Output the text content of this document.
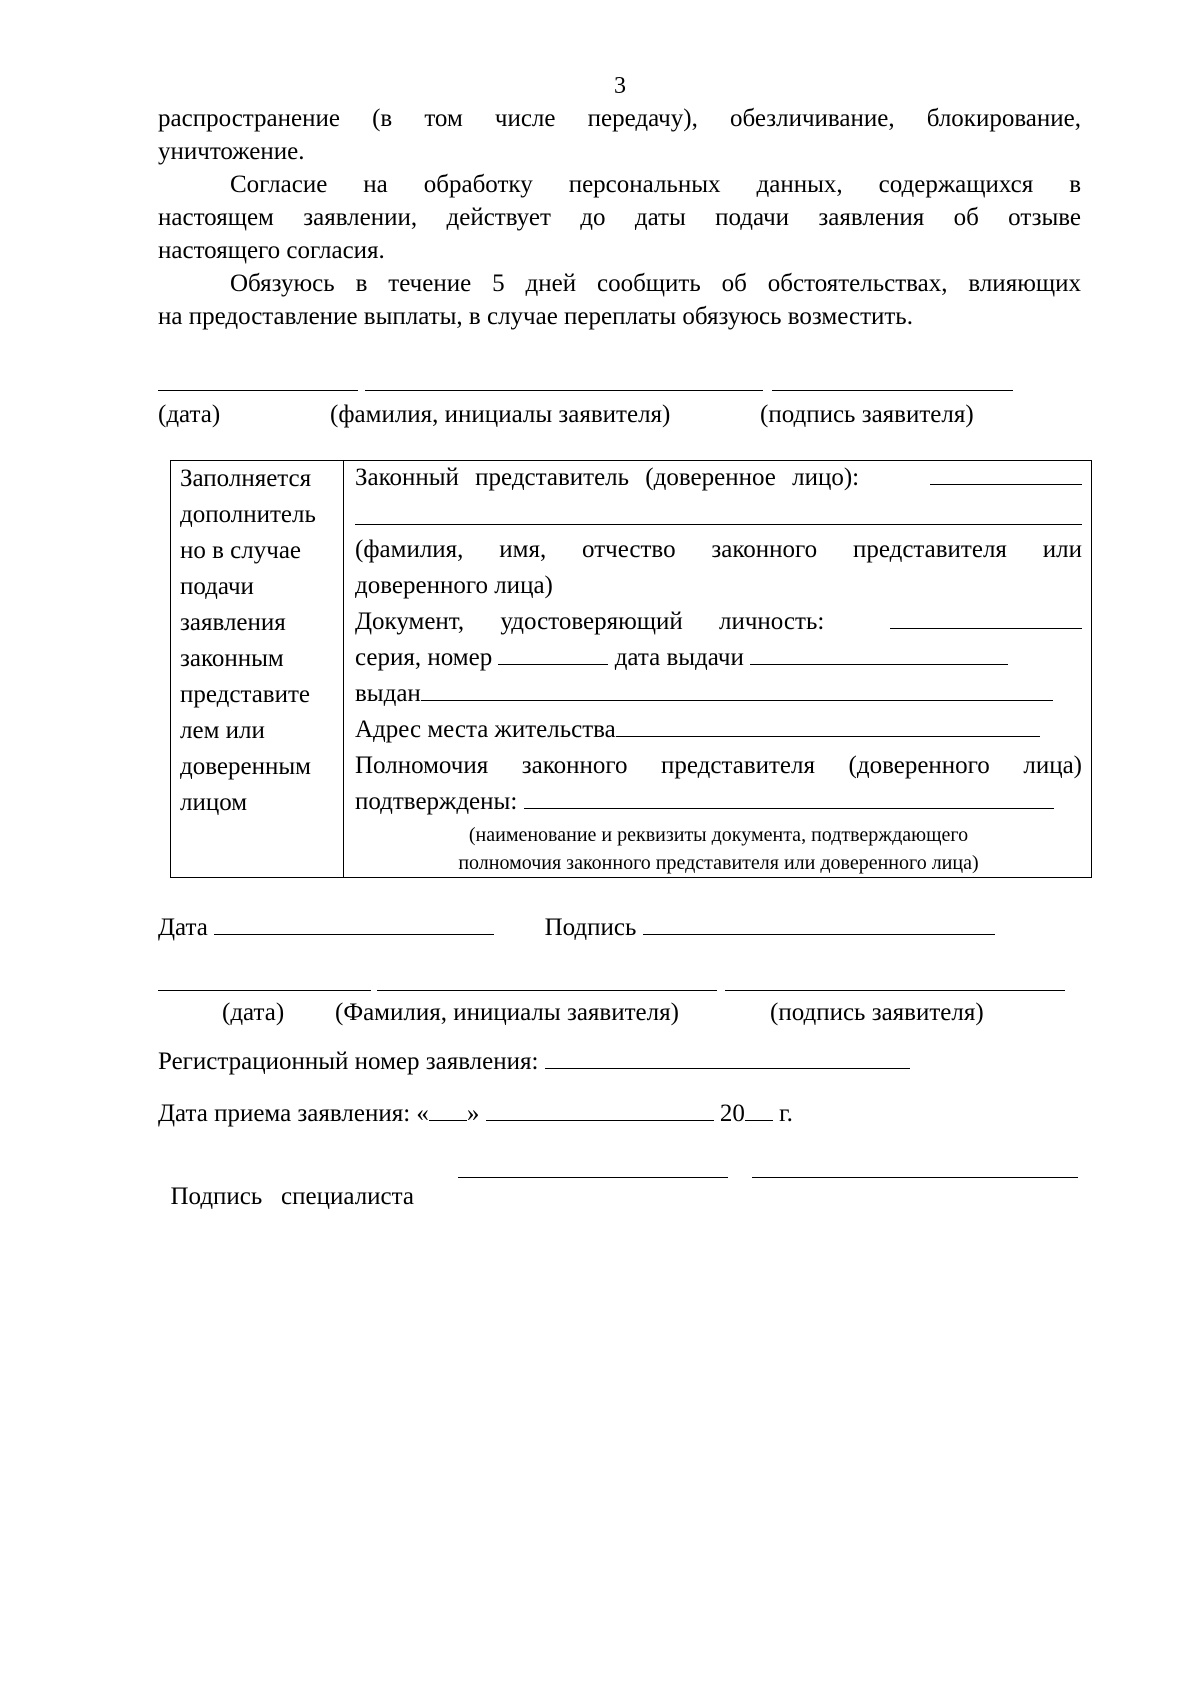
3
распространение (в том числе передачу), обезличивание, блокирование,
уничтожение.
Согласие на обработку персональных данных, содержащихся в
настоящем заявлении, действует до даты подачи заявления об отзыве
настоящего согласия.
Обязуюсь в течение 5 дней сообщить об обстоятельствах, влияющих
на предоставление выплаты, в случае переплаты обязуюсь возместить.
(дата)	(фамилия, инициалы заявителя)	(подпись заявителя)
Заполняется
дополнитель
но в случае
подачи
заявления
законным
представите
лем или
доверенным
лицом
Законный представитель (доверенное лицо):
(фамилия, имя, отчество законного представителя или
доверенного лица)
Документ, удостоверяющий личность:
серия, номер	дата выдачи
выдан
Адрес места жительства
Полномочия законного представителя (доверенного лица)
подтверждены:
(наименование и реквизиты документа, подтверждающего
полномочия законного представителя или доверенного лица)
Дата	Подпись
(дата) (Фамилия, инициалы заявителя)	(подпись заявителя)
Регистрационный номер заявления:
Дата приема заявления: « »	20 г.

Подпись   специалиста
